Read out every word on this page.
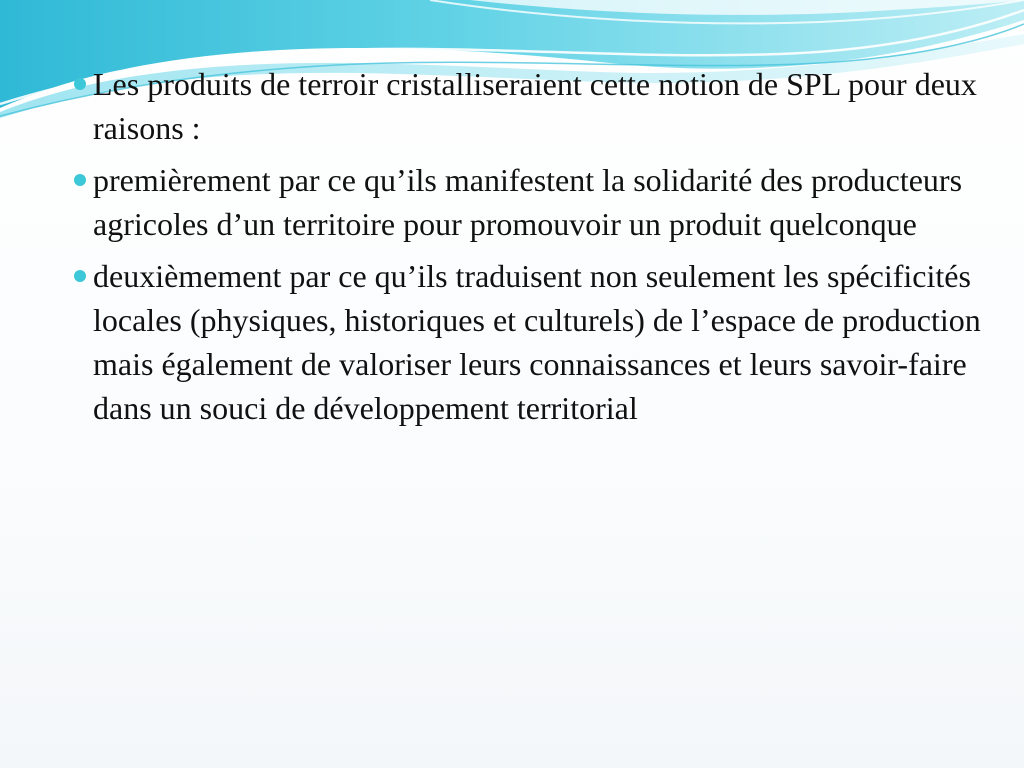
Les produits de terroir cristalliseraient cette notion de SPL pour deux raisons :
premièrement par ce qu’ils manifestent la solidarité des producteurs agricoles d’un territoire pour promouvoir un produit quelconque
deuxièmement par ce qu’ils traduisent non seulement les spécificités locales (physiques, historiques et culturels) de l’espace de production mais également de valoriser leurs connaissances et leurs savoir-faire dans un souci de développement territorial
